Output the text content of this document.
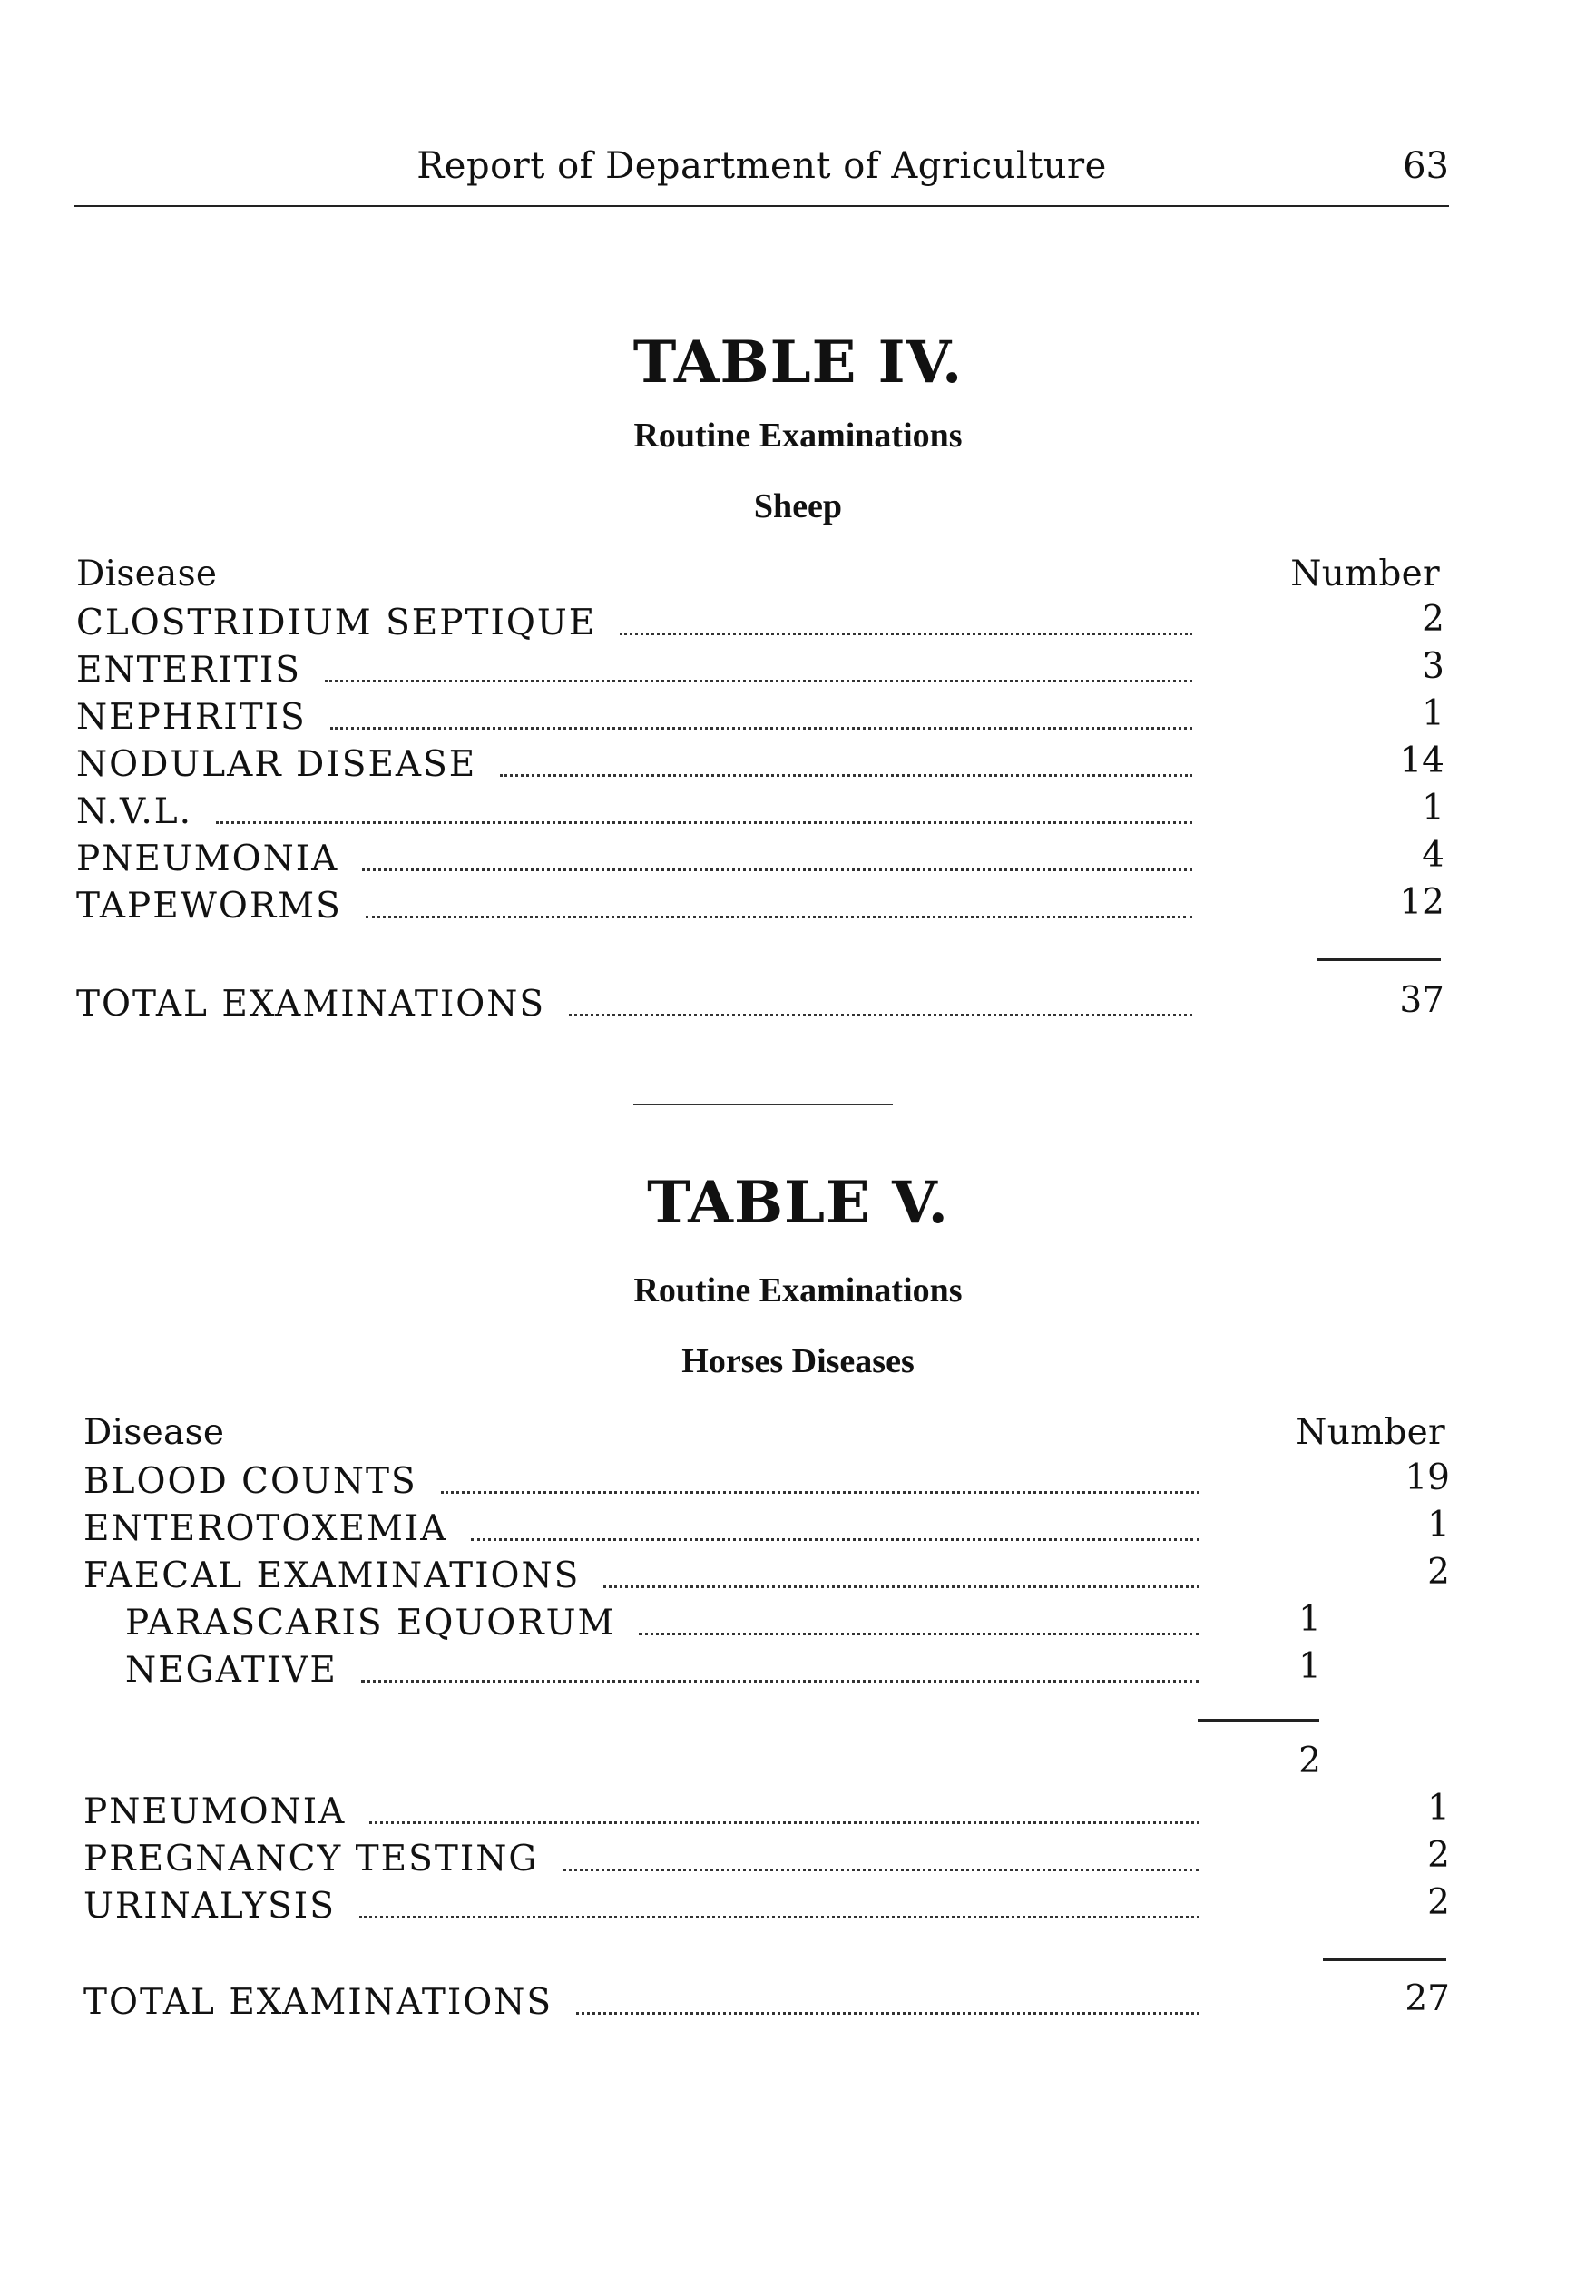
Report of Department of Agriculture	63
TABLE IV.
Routine Examinations
Sheep
Disease	Number
CLOSTRIDIUM SEPTIQUE	2
ENTERITIS	3
NEPHRITIS	1
NODULAR DISEASE	14
N.V.L.	1
PNEUMONIA	4
TAPEWORMS	12
TOTAL EXAMINATIONS	37
TABLE V.
Routine Examinations
Horses Diseases
Disease	Number
BLOOD COUNTS	19
ENTEROTOXEMIA	1
FAECAL EXAMINATIONS	2
PARASCARIS EQUORUM	1
NEGATIVE	1
2
PNEUMONIA	1
PREGNANCY TESTING	2
URINALYSIS	2
TOTAL EXAMINATIONS	27
